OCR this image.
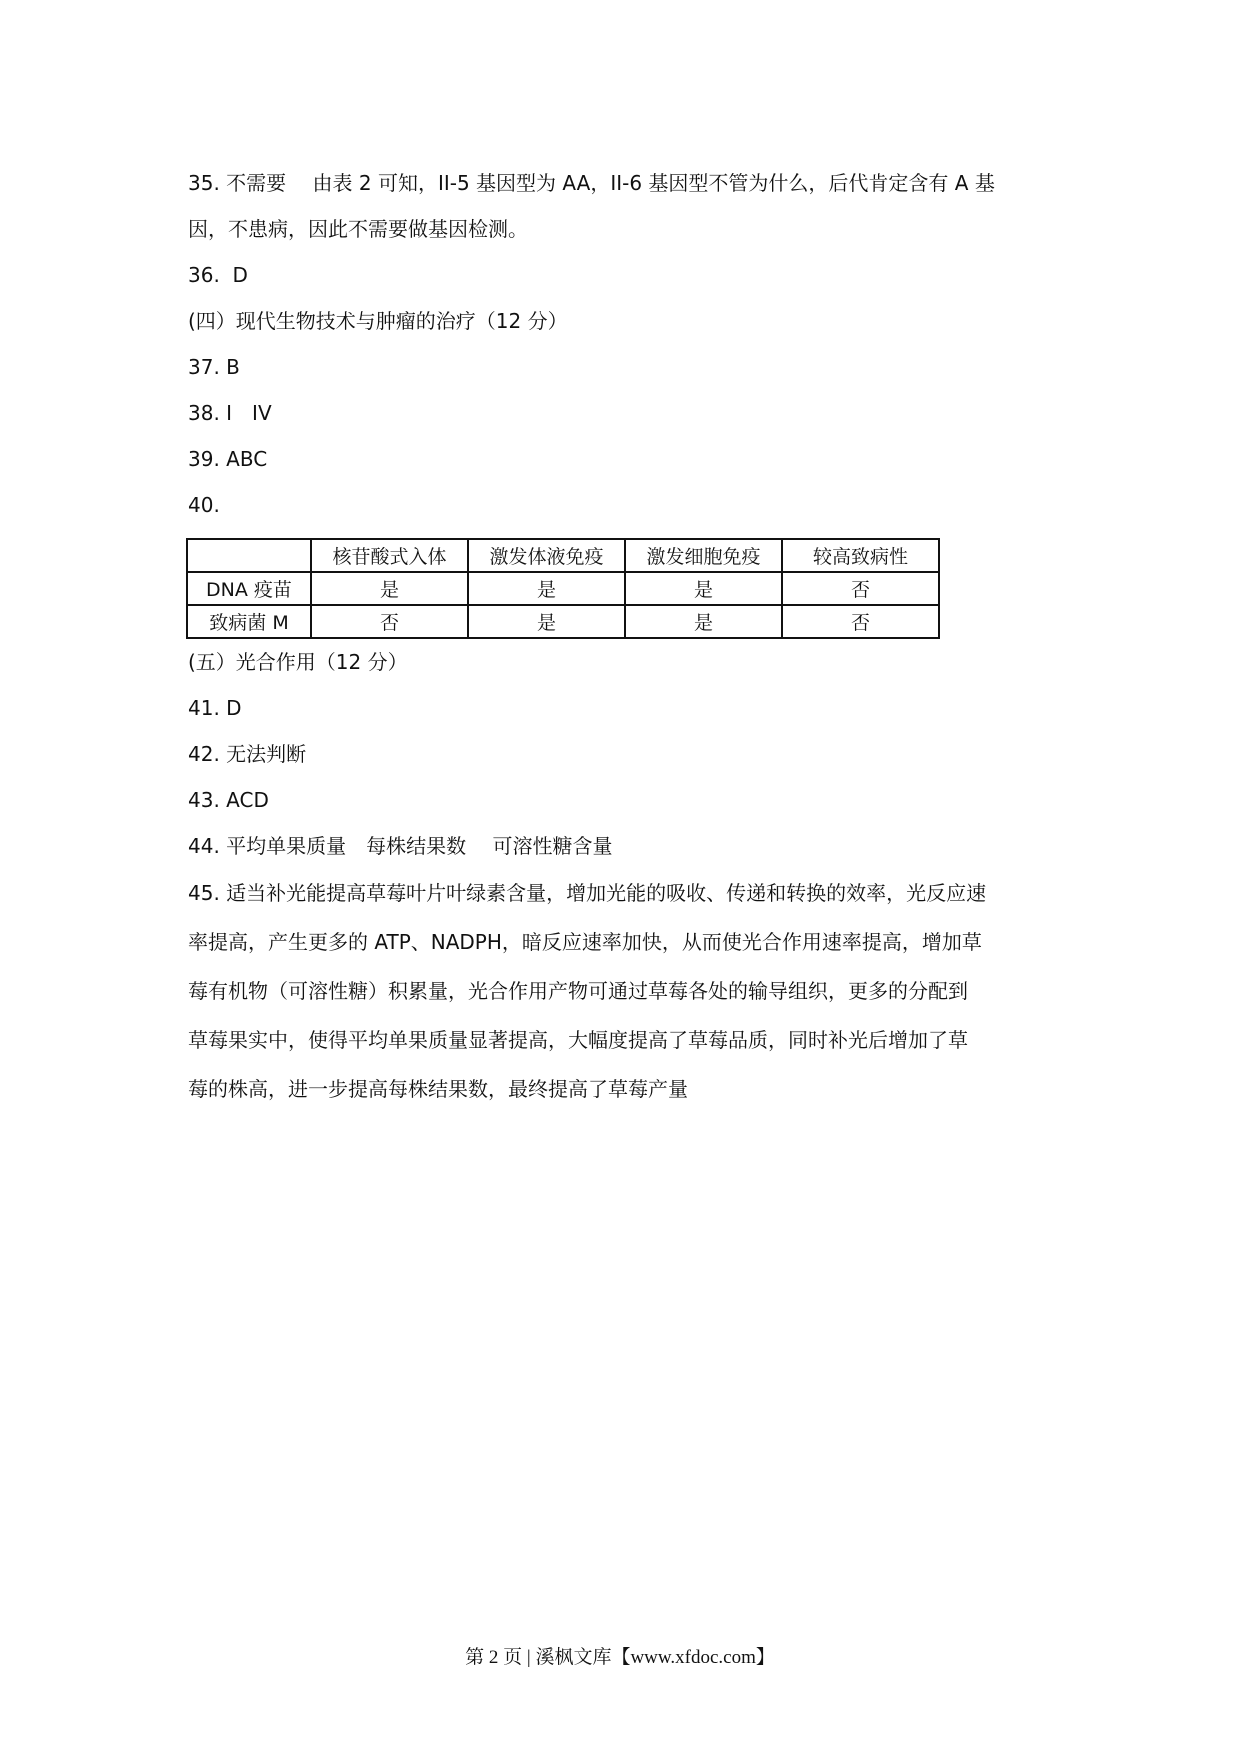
35. 不需要　 由表 2 可知，II-5 基因型为 AA，II-6 基因型不管为什么，后代肯定含有 A 基
因，不患病，因此不需要做基因检测。
36.  D
(四）现代生物技术与肿瘤的治疗（12 分）
37. B
38. I　IV
39. ABC
40.
	核苷酸式入体	激发体液免疫	激发细胞免疫	较高致病性
DNA 疫苗	是	是	是	否
致病菌 M	否	是	是	否
(五）光合作用（12 分）
41. D
42. 无法判断
43. ACD
44. 平均单果质量　每株结果数　 可溶性糖含量
45. 适当补光能提高草莓叶片叶绿素含量，增加光能的吸收、传递和转换的效率，光反应速
率提高，产生更多的 ATP、NADPH，暗反应速率加快，从而使光合作用速率提高，增加草
莓有机物（可溶性糖）积累量，光合作用产物可通过草莓各处的输导组织，更多的分配到
草莓果实中，使得平均单果质量显著提高，大幅度提高了草莓品质，同时补光后增加了草
莓的株高，进一步提高每株结果数，最终提高了草莓产量
第 2 页 | 溪枫文库【www.xfdoc.com】
